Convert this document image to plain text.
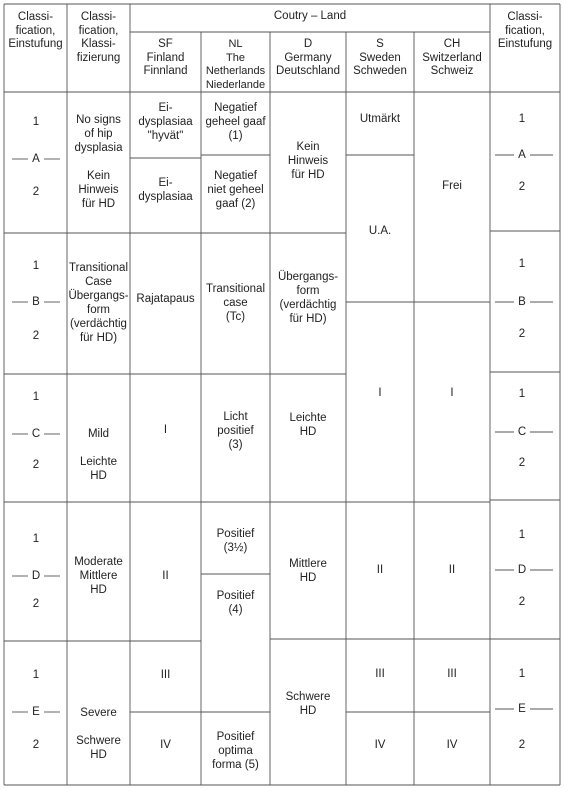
Classi-
fication,
Einstufung
Classi-
fication,
Klassi-
fizierung
Coutry – Land
SF
Finland
Finnland
NL
The Netherlands
Niederlande
D
Germany
Deutschland
S
Sweden
Schweden
CH
Switzerland
Schweiz
Classi-
fication,
Einstufung
1
A
2
1
B
2
1
C
2
1
D
2
1
E
2
No signs
of hip
dysplasia

Kein
Hinweis
für HD
Transitional
Case
Übergangs-
form
(verdächtig
für HD)
Mild

Leichte
HD
Moderate
Mittlere
HD
Severe

Schwere
HD
Ei-
dysplasiaa
"hyvät"
Ei-
dysplasiaa
Rajatapaus
I
II
III
IV
Negatief
geheel gaaf
(1)
Negatief
niet geheel
gaaf (2)
Transitional
case
(Tc)
Licht
positief
(3)
Positief
(3½)
Positief
(4)
Positief
optima
forma (5)
Kein
Hinweis
für HD
Übergangs-
form
(verdächtig
für HD)
Leichte
HD
Mittlere
HD
Schwere
HD
Utmärkt
U.A.
I
II
III
IV
Frei
I
II
III
IV
1
A
2
1
B
2
1
C
2
1
D
2
1
E
2
